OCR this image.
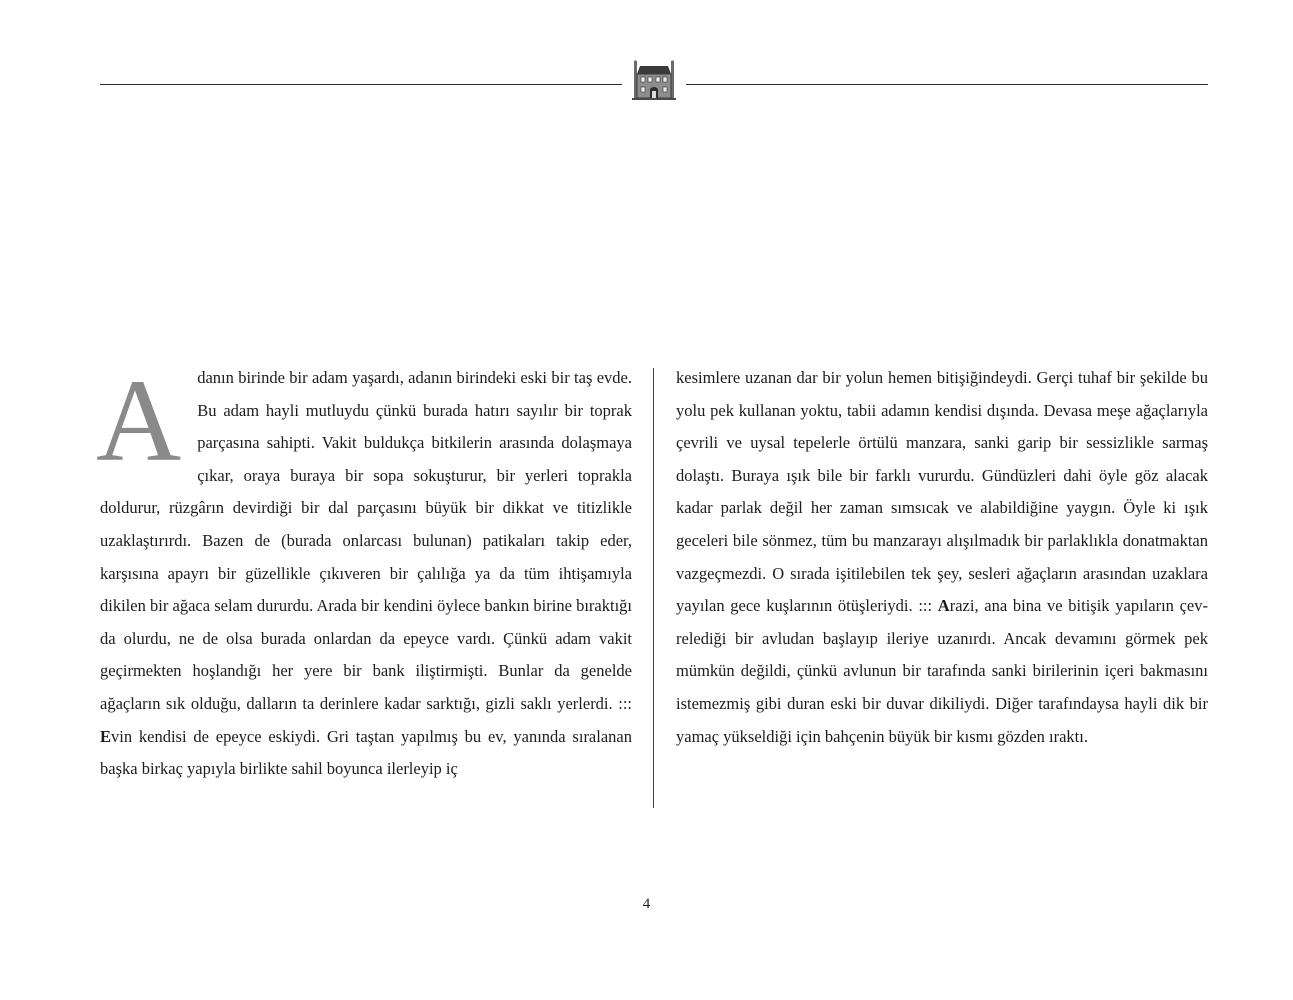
Adanın birinde bir adam yaşardı, adanın birindeki eski bir taş evde. Bu adam hayli mutluydu çünkü burada hatırı sayılır bir toprak parçasına sahipti. Vakit buldukça bitkilerin arasında dolaşmaya çıkar, oraya buraya bir sopa sokuşturur, bir yerleri toprakla doldurur, rüzgârın devirdiği bir dal parçasını büyük bir dikkat ve titizlikle uzaklaştırırdı. Bazen de (burada onlarcası bulunan) patikaları takip eder, karşısına apayrı bir güzellikle çıkıveren bir çalılığa ya da tüm ihtişamıyla dikilen bir ağaca selam dururdu. Arada bir kendini öylece bankın birine bıraktığı da olurdu, ne de olsa burada onlardan da epeyce vardı. Çünkü adam vakit geçirmekten hoşlandığı her yere bir bank iliştirmişti. Bunlar da genelde ağaçların sık olduğu, dalların ta derinlere kadar sarktığı, gizli saklı yerlerdi. ::: Evin kendisi de epeyce eskiydi. Gri taştan yapılmış bu ev, yanında sıralanan başka birkaç yapıyla birlikte sahil boyunca ilerleyip iç

kesimlere uzanan dar bir yolun hemen bitişiğindeydi. Gerçi tuhaf bir şekilde bu yolu pek kullanan yoktu, tabii adamın kendisi dışında. Devasa meşe ağaçlarıyla çevrili ve uysal tepelerle örtülü manzara, sanki garip bir sessizlikle sarmaş dolaştı. Buraya ışık bile bir farklı vururdu. Gündüzleri dahi öyle göz alacak kadar parlak değil her zaman sımsıcak ve alabildiğine yaygın. Öyle ki ışık geceleri bile sönmez, tüm bu manzarayı alışılmadık bir parlaklıkla donatmaktan vazgeçmezdi. O sırada işitilebilen tek şey, sesleri ağaçların arasından uzaklara yayılan gece kuşlarının ötüşleriydi. ::: Arazi, ana bina ve bitişik yapıların çevrelediği bir avludan başlayıp ileriye uzanırdı. Ancak devamını görmek pek mümkün değildi, çünkü avlunun bir tarafında sanki birilerinin içeri bakmasını istemezmiş gibi duran eski bir duvar dikiliydi. Diğer tarafındaysa hayli dik bir yamaç yükseldiği için bahçenin büyük bir kısmı gözden ıraktı.

4
